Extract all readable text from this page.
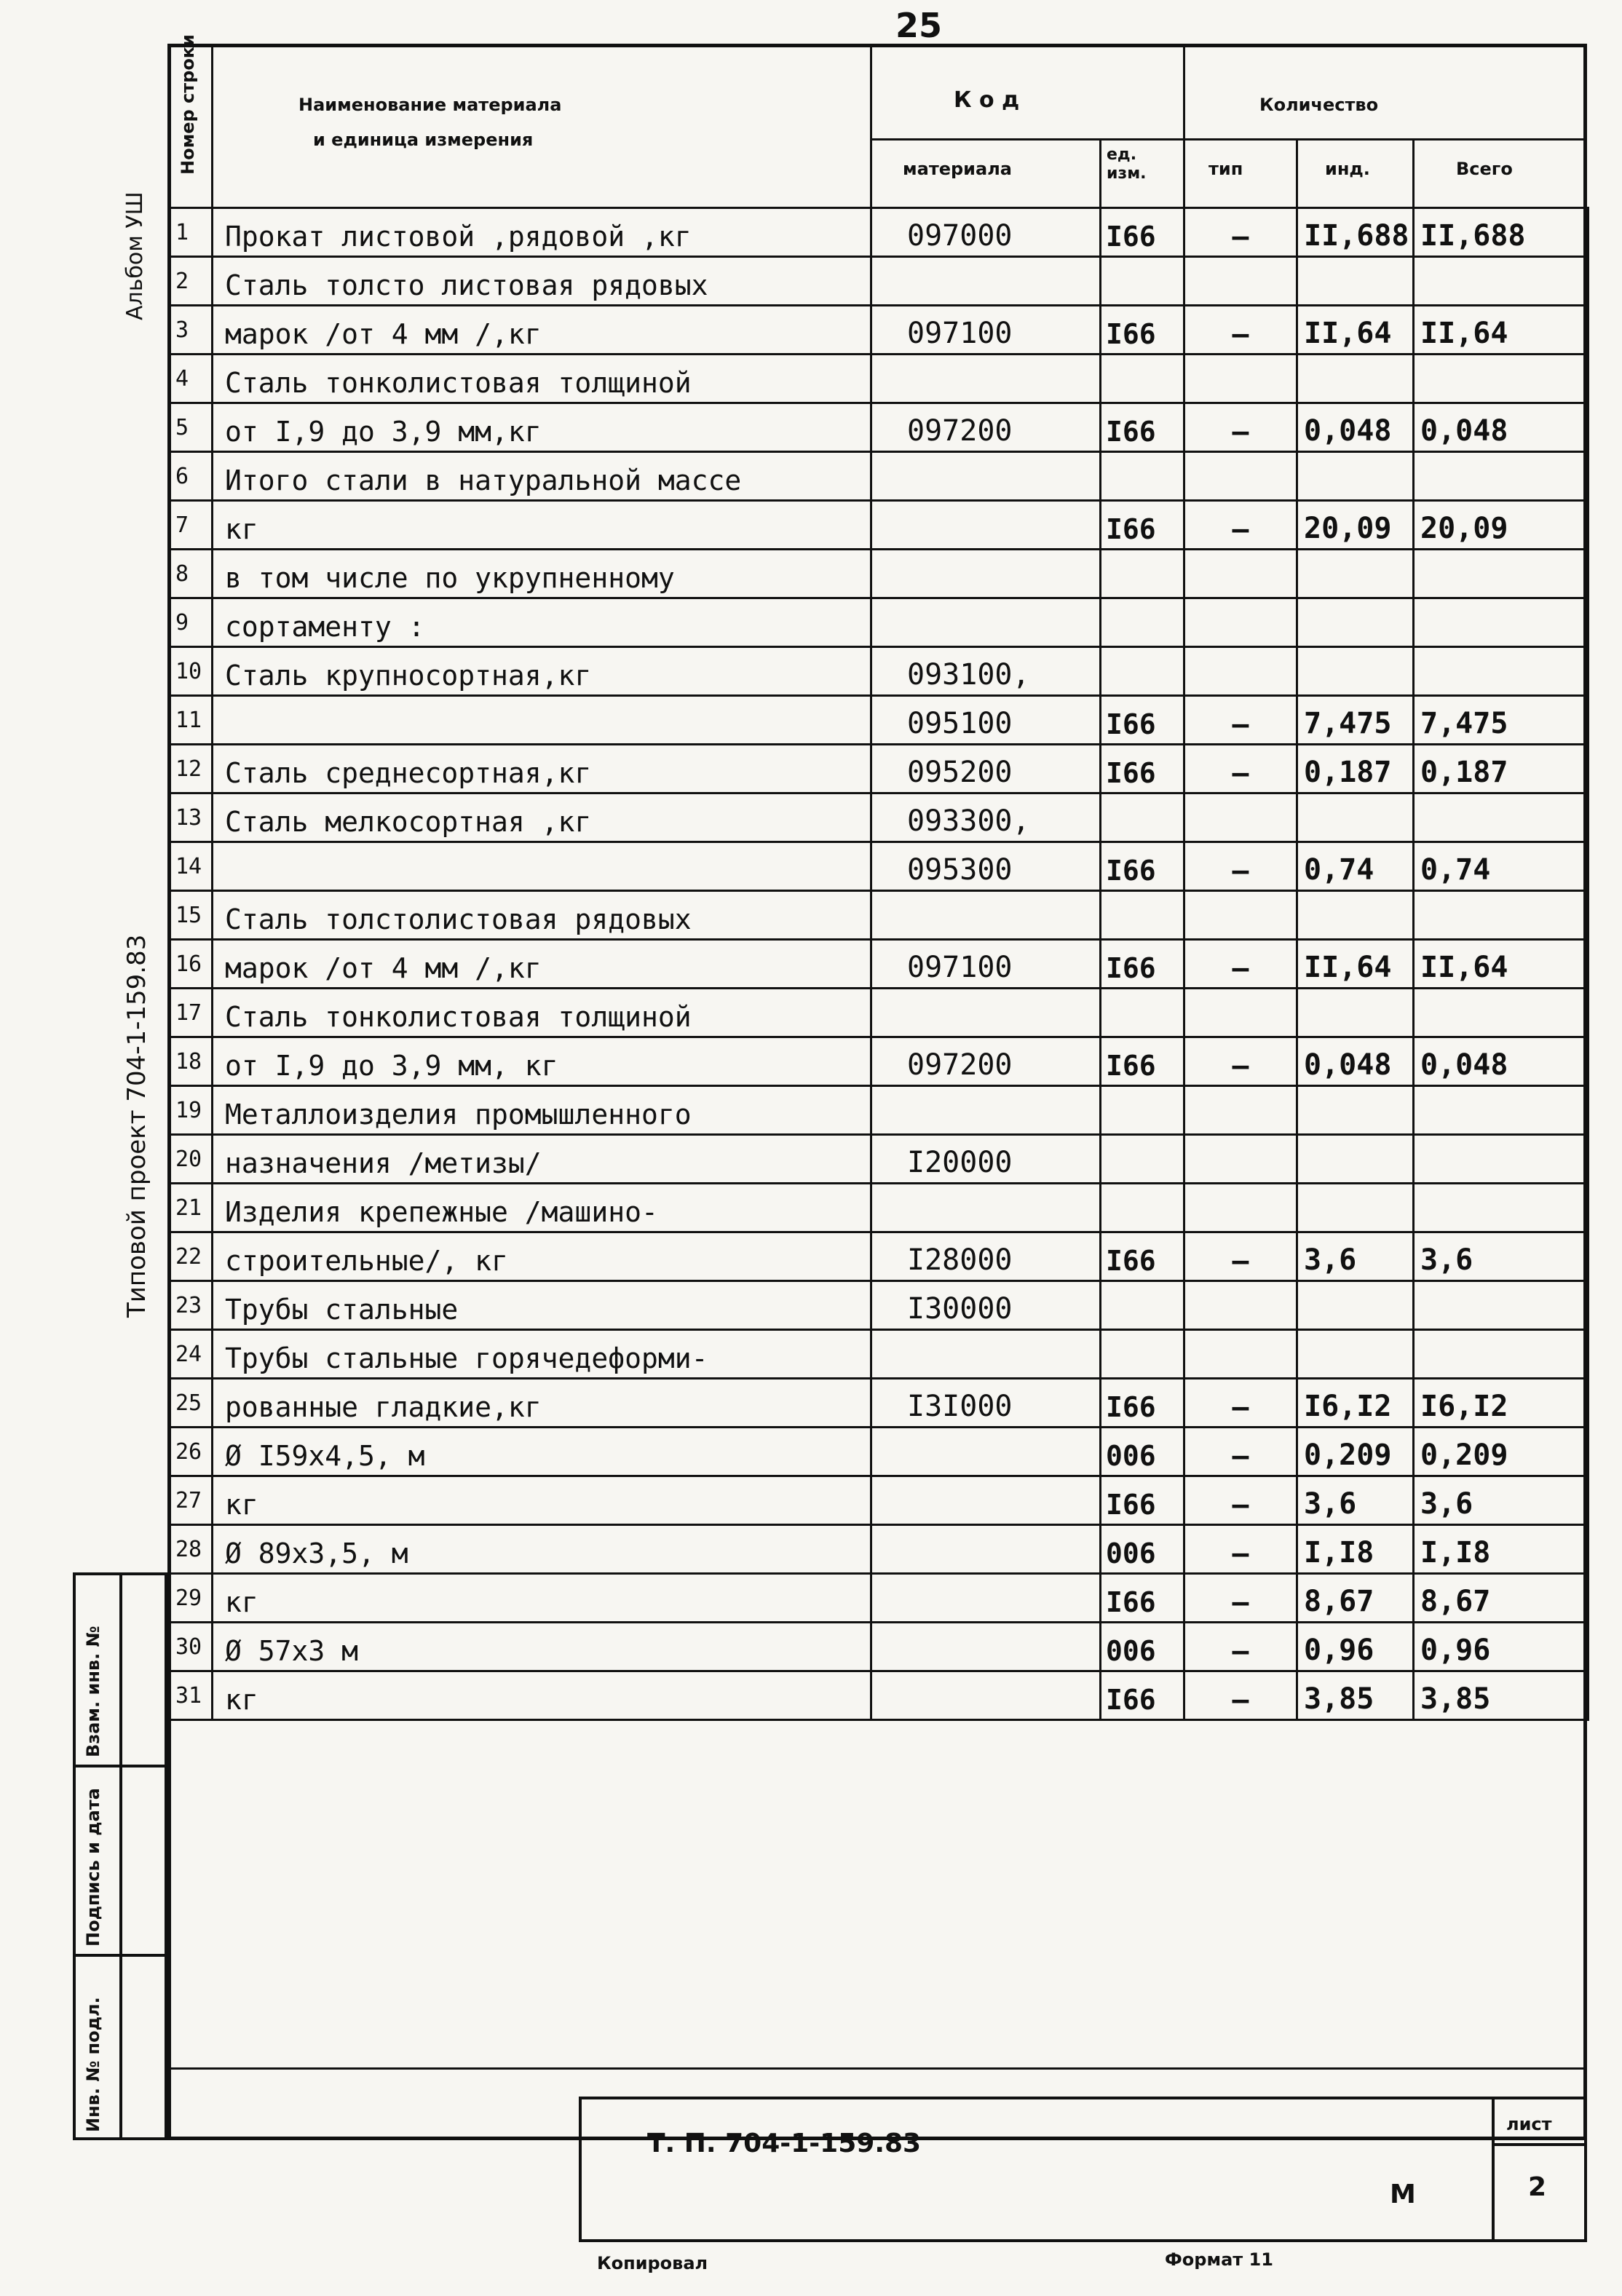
25
Альбом УШ
Типовой проект 704-1-159.83
Взам. инв. №
Подпись и дата
Инв. № подл.
Номер строки	Наименование материала
и единица измерения
К о д	Количество
материала
ед. изм.	тип	инд.	Всего
1	Прокат листовой ,рядовой ,кг	097000	I66	–	II,688	II,688
2	Сталь толсто листовая рядовых					
3	марок /от 4 мм /,кг	097100	I66	–	II,64	II,64
4	Сталь тонколистовая толщиной					
5	от I,9 до 3,9 мм,кг	097200	I66	–	0,048	0,048
6	Итого стали в натуральной массе					
7	кг		I66	–	20,09	20,09
8	в том числе по укрупненному					
9	сортаменту :					
10	Сталь крупносортная,кг	093100,				
11		095100	I66	–	7,475	7,475
12	Сталь среднесортная,кг	095200	I66	–	0,187	0,187
13	Сталь мелкосортная ,кг	093300,				
14		095300	I66	–	0,74	0,74
15	Сталь толстолистовая рядовых					
16	марок /от 4 мм /,кг	097100	I66	–	II,64	II,64
17	Сталь тонколистовая толщиной					
18	от I,9 до 3,9 мм, кг	097200	I66	–	0,048	0,048
19	Металлоизделия промышленного					
20	назначения /метизы/	I20000				
21	Изделия крепежные /машино-					
22	строительные/, кг	I28000	I66	–	3,6	3,6
23	Трубы стальные	I30000				
24	Трубы стальные горячедеформи-					
25	рованные гладкие,кг	I3I000	I66	–	I6,I2	I6,I2
26	Ø I59х4,5, м		006	–	0,209	0,209
27	кг		I66	–	3,6	3,6
28	Ø 89х3,5, м		006	–	I,I8	I,I8
29	кг		I66	–	8,67	8,67
30	Ø 57х3 м		006	–	0,96	0,96
31	кг		I66	–	3,85	3,85
Т. П. 704-1-159.83
М
лист
2
Копировал	Формат 11
